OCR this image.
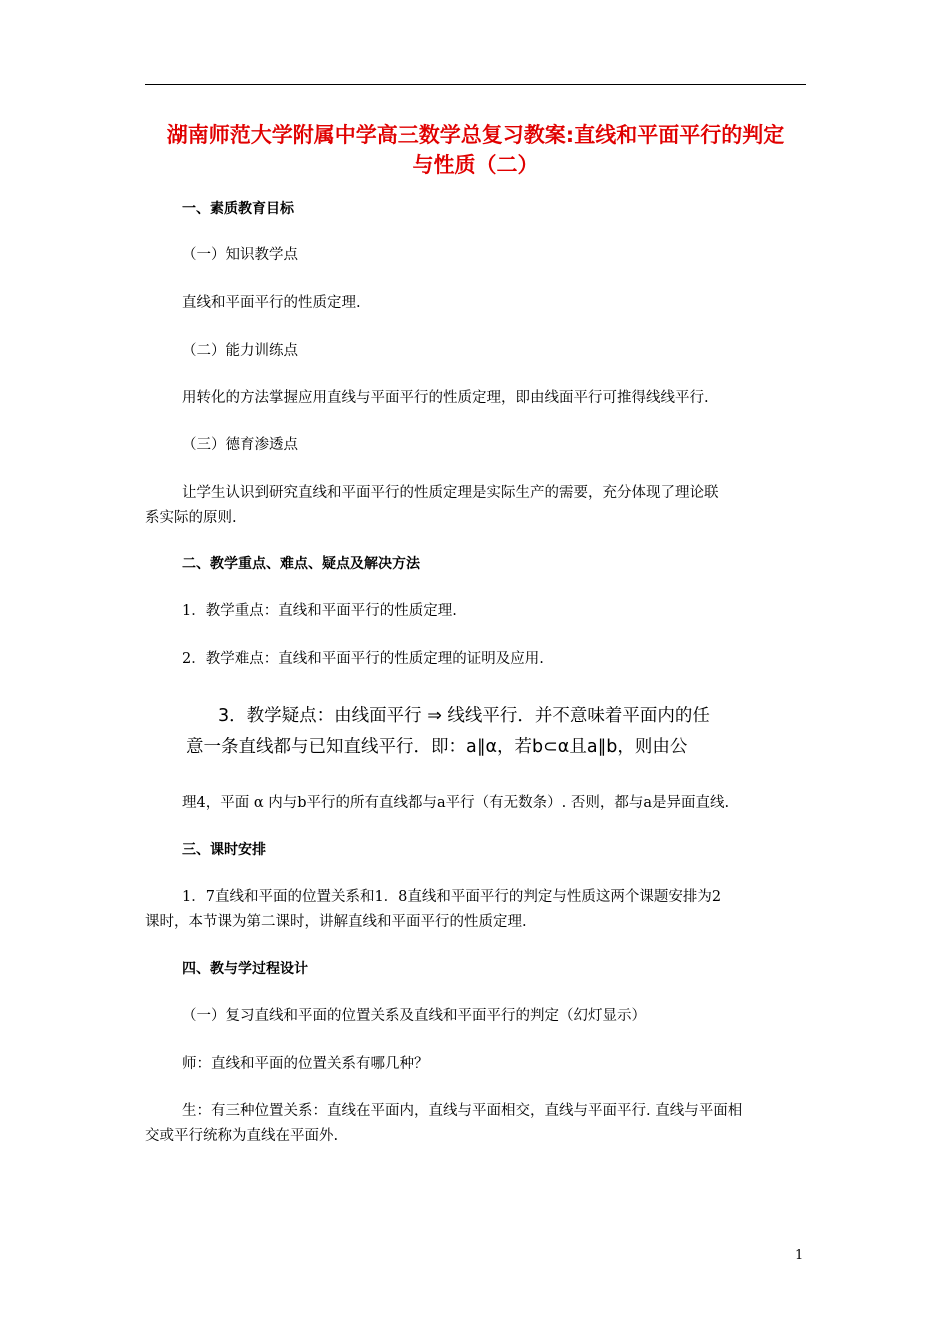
湖南师范大学附属中学高三数学总复习教案:直线和平面平行的判定
与性质（二）
一、素质教育目标
（一）知识教学点
直线和平面平行的性质定理.
（二）能力训练点
用转化的方法掌握应用直线与平面平行的性质定理，即由线面平行可推得线线平行.
（三）德育渗透点
让学生认识到研究直线和平面平行的性质定理是实际生产的需要，充分体现了理论联
系实际的原则.
二、教学重点、难点、疑点及解决方法
1．教学重点：直线和平面平行的性质定理.
2．教学难点：直线和平面平行的性质定理的证明及应用.
3．教学疑点：由线面平行 ⇒ 线线平行．并不意味着平面内的任
意一条直线都与已知直线平行．即：a∥α，若b⊂α且a∥b，则由公
理4，平面 α 内与b平行的所有直线都与a平行（有无数条）. 否则，都与a是异面直线.
三、课时安排
1．7直线和平面的位置关系和1．8直线和平面平行的判定与性质这两个课题安排为2
课时，本节课为第二课时，讲解直线和平面平行的性质定理.
四、教与学过程设计
（一）复习直线和平面的位置关系及直线和平面平行的判定（幻灯显示）
师：直线和平面的位置关系有哪几种？
生：有三种位置关系：直线在平面内，直线与平面相交，直线与平面平行. 直线与平面相
交或平行统称为直线在平面外.
1
